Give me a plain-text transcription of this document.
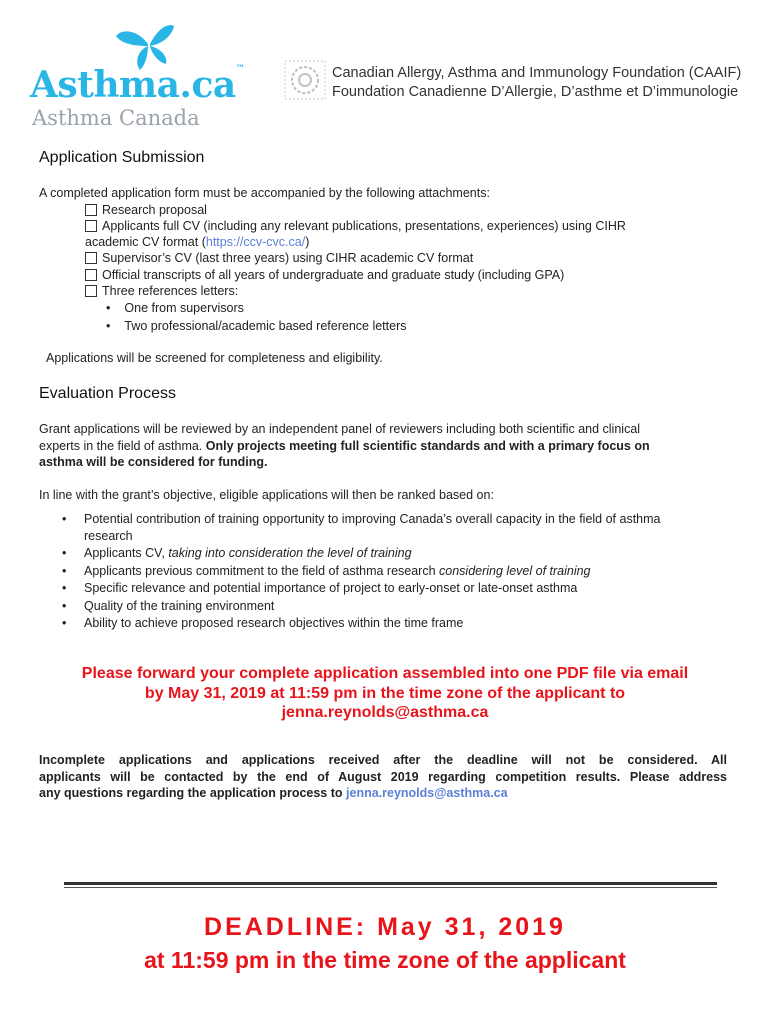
Asthma.ca™
Asthma Canada
Canadian Allergy, Asthma and Immunology Foundation (CAAIF)
Foundation Canadienne D’Allergie, D’asthme et D’immunologie
Application Submission
A completed application form must be accompanied by the following attachments:
Research proposal
Applicants full CV (including any relevant publications, presentations, experiences) using CIHR
academic CV format (https://ccv-cvc.ca/)
Supervisor’s CV (last three years) using CIHR academic CV format
Official transcripts of all years of undergraduate and graduate study (including GPA)
Three references letters:
• One from supervisors
• Two professional/academic based reference letters
Applications will be screened for completeness and eligibility.
Evaluation Process
Grant applications will be reviewed by an independent panel of reviewers including both scientific and clinical
experts in the field of asthma. Only projects meeting full scientific standards and with a primary focus on
asthma will be considered for funding.
In line with the grant’s objective, eligible applications will then be ranked based on:
• Potential contribution of training opportunity to improving Canada’s overall capacity in the field of asthma
research
• Applicants CV, taking into consideration the level of training
• Applicants previous commitment to the field of asthma research considering level of training
• Specific relevance and potential importance of project to early-onset or late-onset asthma
• Quality of the training environment
• Ability to achieve proposed research objectives within the time frame
Please forward your complete application assembled into one PDF file via email
by May 31, 2019 at 11:59 pm in the time zone of the applicant to
jenna.reynolds@asthma.ca
Incomplete applications and applications received after the deadline will not be considered. All
applicants will be contacted by the end of August 2019 regarding competition results. Please address
any questions regarding the application process to jenna.reynolds@asthma.ca
DEADLINE: May 31, 2019
at 11:59 pm in the time zone of the applicant
